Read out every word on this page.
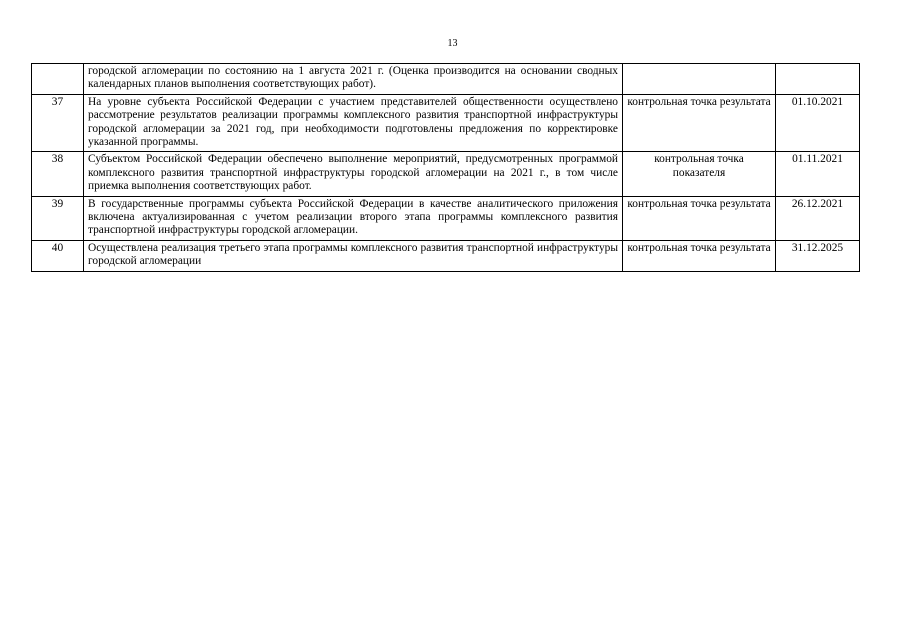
13
	городской агломерации по состоянию на 1 августа 2021 г. (Оценка производится на основании сводных календарных планов выполнения соответствующих работ).		
37	На уровне субъекта Российской Федерации с участием представителей общественности осуществлено рассмотрение результатов реализации программы комплексного развития транспортной инфраструктуры городской агломерации за 2021 год, при необходимости подготовлены предложения по корректировке указанной программы.	контрольная точка результата	01.10.2021
38	Субъектом Российской Федерации обеспечено выполнение мероприятий, предусмотренных программой комплексного развития транспортной инфраструктуры городской агломерации на 2021 г., в том числе приемка выполнения соответствующих работ.	контрольная точка показателя	01.11.2021
39	В государственные программы субъекта Российской Федерации в качестве аналитического приложения включена актуализированная с учетом реализации второго этапа программы комплексного развития транспортной инфраструктуры городской агломерации.	контрольная точка результата	26.12.2021
40	Осуществлена реализация третьего этапа программы комплексного развития транспортной инфраструктуры городской агломерации	контрольная точка результата	31.12.2025
